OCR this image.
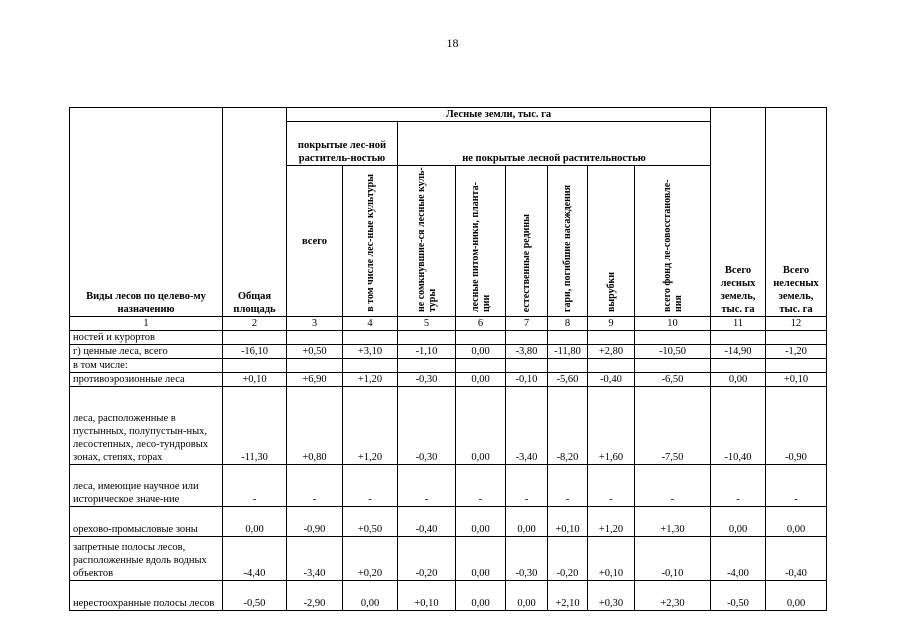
18
Виды лесов по целево-му назначению	Общая площадь	Лесные земли, тыс. га								Всего лесных земель, тыс. га	Всего нелесных земель, тыс. га
		покрытые лес-ной раститель-ностью		не покрытые лесной растительностью							
		всего	в том числе лес-ные культуры	не сомкнувшие-ся лесные куль-туры	лесные питом-ники, планта-ции	естественные редины	гари, погибшие насаждения	вырубки	всего фонд ле-совосстановле-ния		
1	2	3	4	5	6	7	8	9	10	11	12
ностей и курортов											
г) ценные леса, всего	-16,10	+0,50	+3,10	-1,10	0,00	-3,80	-11,80	+2,80	-10,50	-14,90	-1,20
в том числе:											
противоэрозионные леса	+0,10	+6,90	+1,20	-0,30	0,00	-0,10	-5,60	-0,40	-6,50	0,00	+0,10
леса, расположенные в пустынных, полупустын-ных, лесостепных, лесо-тундровых зонах, степях, горах	-11,30	+0,80	+1,20	-0,30	0,00	-3,40	-8,20	+1,60	-7,50	-10,40	-0,90
леса, имеющие научное или историческое значе-ние	-	-	-	-	-	-	-	-	-	-	-
орехово-промысловые зоны	0,00	-0,90	+0,50	-0,40	0,00	0,00	+0,10	+1,20	+1,30	0,00	0,00
запретные полосы лесов, расположенные вдоль водных объектов	-4,40	-3,40	+0,20	-0,20	0,00	-0,30	-0,20	+0,10	-0,10	-4,00	-0,40
нерестоохранные полосы лесов	-0,50	-2,90	0,00	+0,10	0,00	0,00	+2,10	+0,30	+2,30	-0,50	0,00
